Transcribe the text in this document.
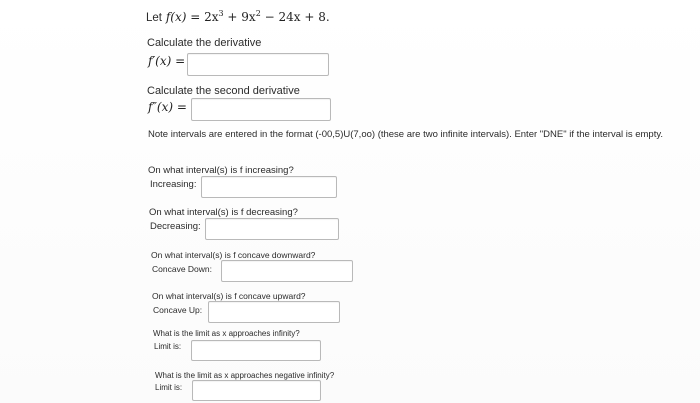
Let $f(x) = 2x^3 + 9x^2 - 24x + 8$.
Calculate the derivative
f′(x) =
Calculate the second derivative
f″(x) =
Note intervals are entered in the format (-00,5)U(7,oo) (these are two infinite intervals). Enter "DNE" if the interval is empty.
On what interval(s) is f increasing?
Increasing:
On what interval(s) is f decreasing?
Decreasing:
On what interval(s) is f concave downward?
Concave Down:
On what interval(s) is f concave upward?
Concave Up:
What is the limit as x approaches infinity?
Limit is:
What is the limit as x approaches negative infinity?
Limit is:
